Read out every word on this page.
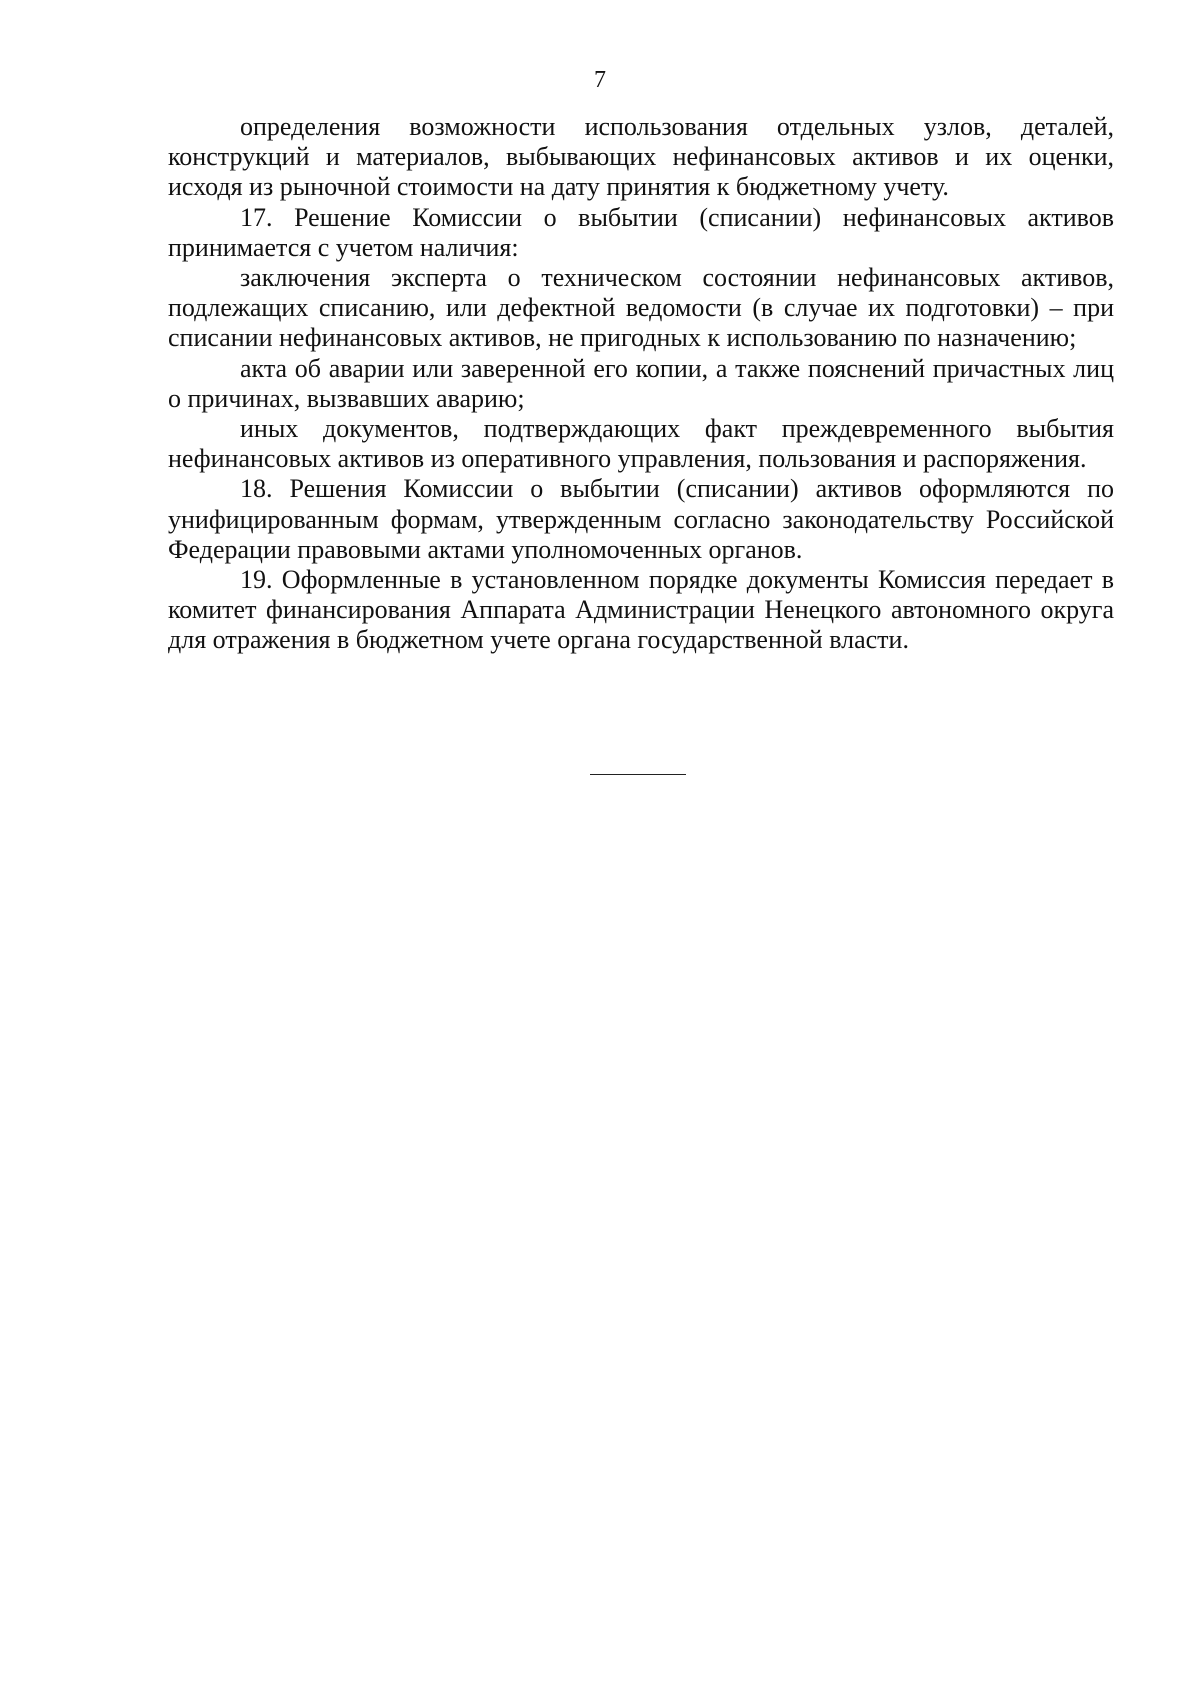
7

определения возможности использования отдельных узлов, деталей, конструкций и материалов, выбывающих нефинансовых активов и их оценки, исходя из рыночной стоимости на дату принятия к бюджетному учету.

17. Решение Комиссии о выбытии (списании) нефинансовых активов принимается с учетом наличия:

заключения эксперта о техническом состоянии нефинансовых активов, подлежащих списанию, или дефектной ведомости (в случае их подготовки) – при списании нефинансовых активов, не пригодных к использованию по назначению;

акта об аварии или заверенной его копии, а также пояснений причастных лиц о причинах, вызвавших аварию;

иных документов, подтверждающих факт преждевременного выбытия нефинансовых активов из оперативного управления, пользования и распоряжения.

18. Решения Комиссии о выбытии (списании) активов оформляются по унифицированным формам, утвержденным согласно законодательству Российской Федерации правовыми актами уполномоченных органов.

19. Оформленные в установленном порядке документы Комиссия передает в комитет финансирования Аппарата Администрации Ненецкого автономного округа для отражения в бюджетном учете органа государственной власти.
